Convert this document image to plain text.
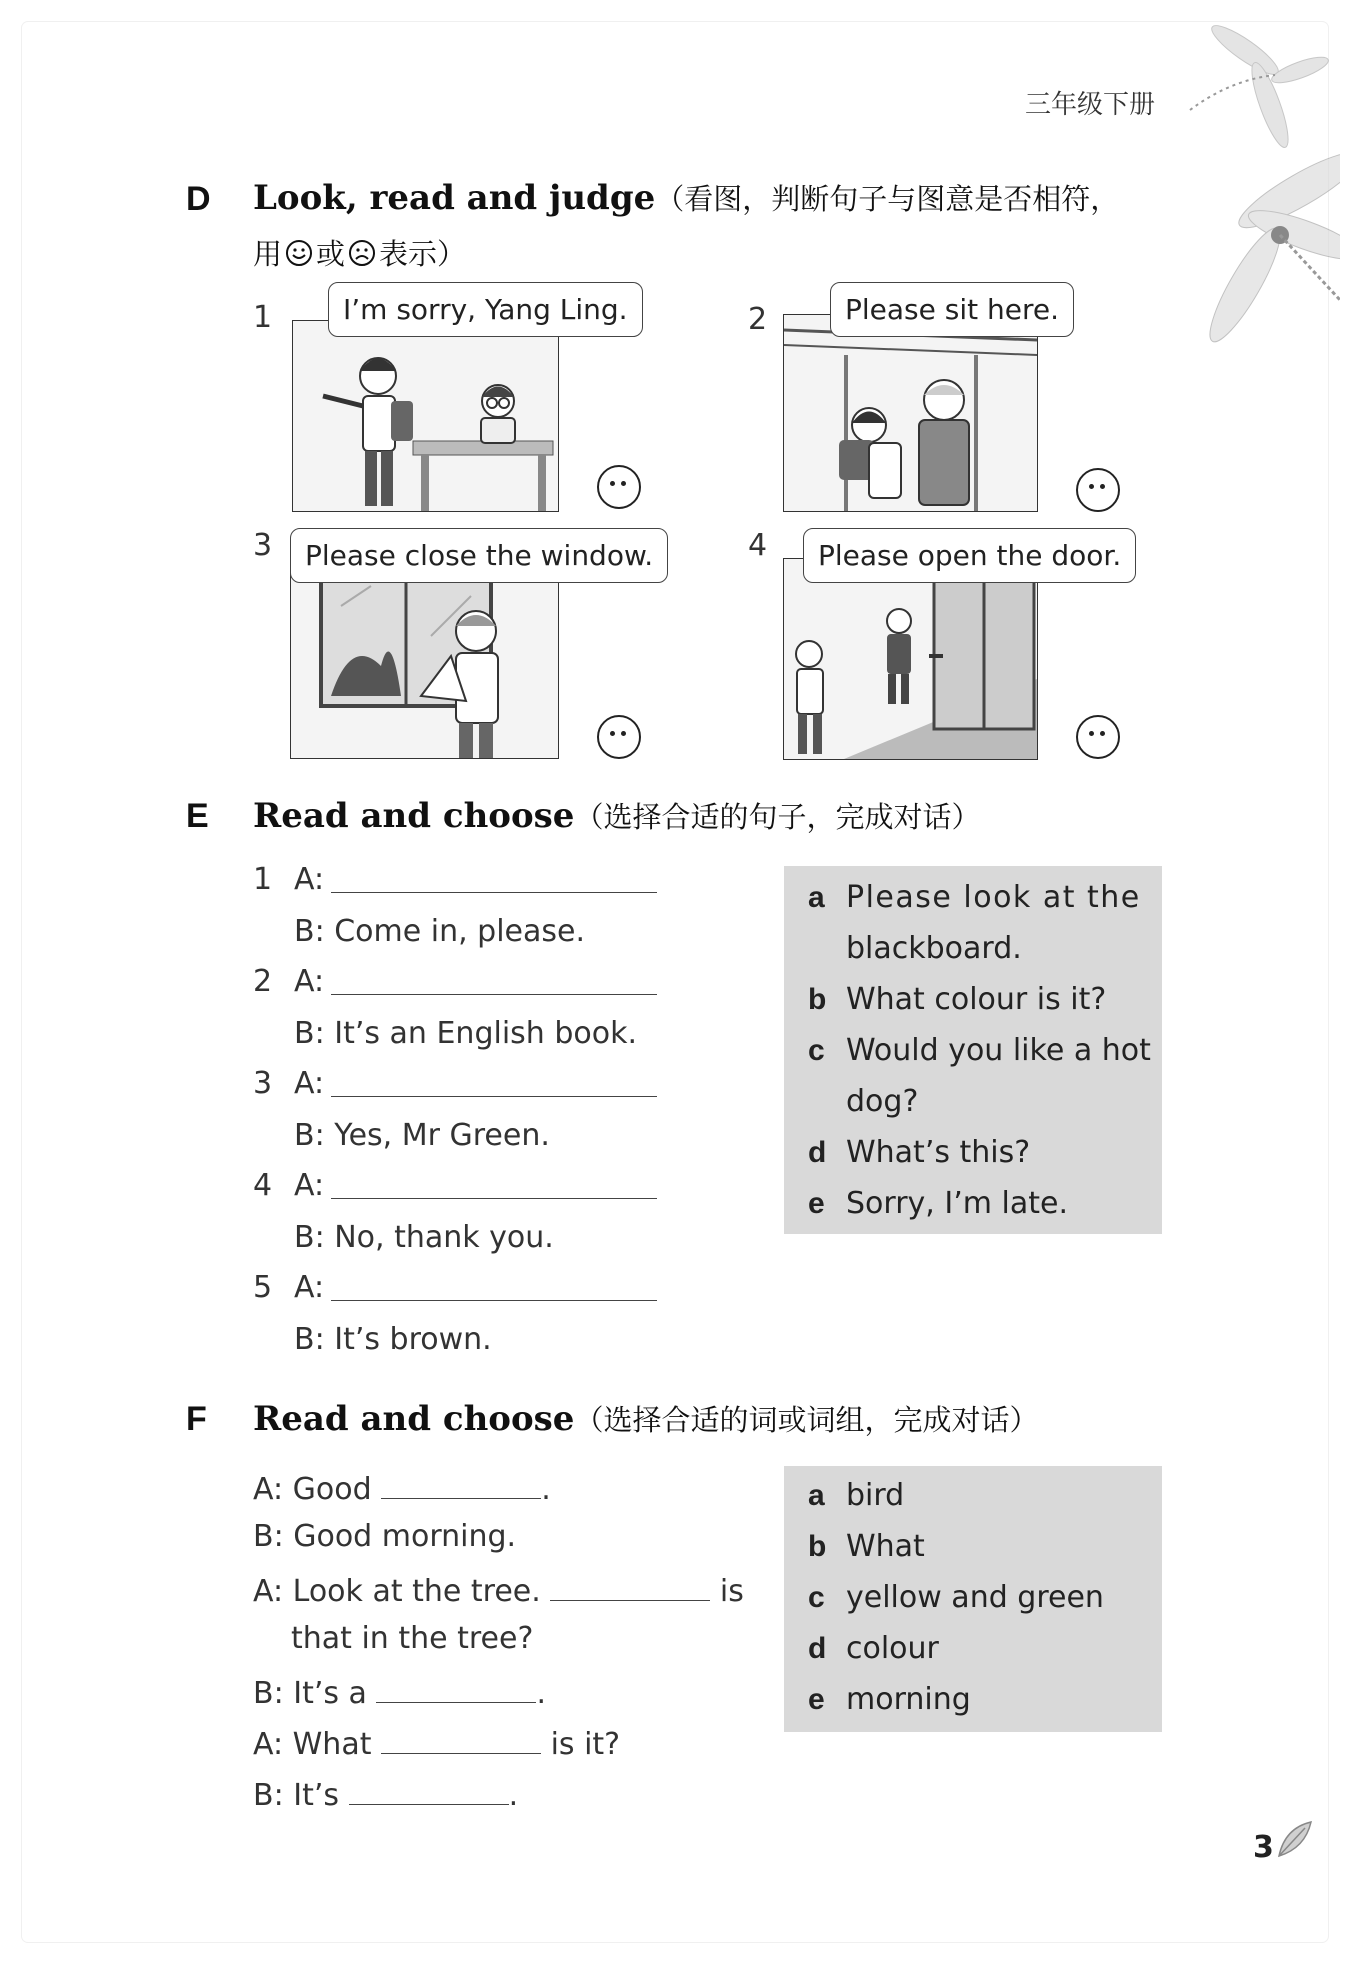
三年级下册
D Look, read and judge（看图，判断句子与图意是否相符，
用 或 表示）
1	I’m sorry, Yang Ling.	2	Please sit here.
3	Please close the window.	4	Please open the door.
E Read and choose（选择合适的句子，完成对话）
1 A:
B: Come in, please.
2 A:
B: It’s an English book.
3 A:
B: Yes, Mr Green.
4 A:
B: No, thank you.
5 A:
B: It’s brown.
a Please look at the
blackboard.
b What colour is it?
c Would you like a hot
dog?
d What’s this?
e Sorry, I’m late.
F Read and choose（选择合适的词或词组，完成对话）
A: Good	.
B: Good morning.
A: Look at the tree.	is
that in the tree?
B: It’s a	.
A: What	is it?
B: It’s	.
a bird
b What
c yellow and green
d colour
e morning
3
